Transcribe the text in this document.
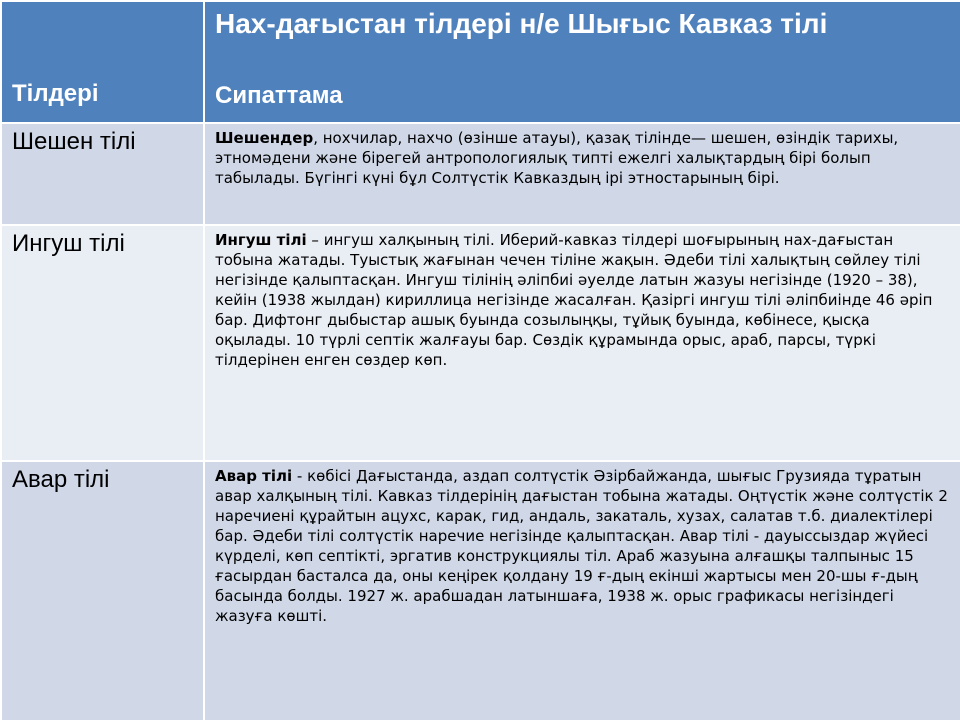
Тілдері	Нах-дағыстан тілдері н/е Шығыс Кавказ тілі
Сипаттама

Шешен тілі	Шешендер, нохчилар, нахчо (өзінше атауы), қазақ тілінде— шешен, өзіндік тарихы, этномәдени және бірегей антропологиялық типті ежелгі халықтардың бірі болып табылады. Бүгінгі күні бұл Солтүстік Кавказдың ірі этностарының бірі.

Ингуш тілі	Ингуш тілі – ингуш халқының тілі. Иберий-кавказ тілдері шоғырының нах-дағыстан тобына жатады. Туыстық жағынан чечен тіліне жақын. Әдеби тілі халықтың сөйлеу тілі негізінде қалыптасқан. Ингуш тілінің әліпбиі әуелде латын жазуы негізінде (1920 – 38), кейін (1938 жылдан) кириллица негізінде жасалған. Қазіргі ингуш тілі әліпбиінде 46 әріп бар. Дифтонг дыбыстар ашық буында созылыңқы, тұйық буында, көбінесе, қысқа оқылады. 10 түрлі септік жалғауы бар. Сөздік құрамында орыс, араб, парсы, түркі тілдерінен енген сөздер көп.

Авар тілі	Авар тілі - көбісі Дағыстанда, аздап солтүстік Әзірбайжанда, шығыс Грузияда тұратын авар халқының тілі. Кавказ тілдерінің дағыстан тобына жатады. Оңтүстік және солтүстік 2 наречиені құрайтын ацухс, карак, гид, андаль, закаталь, хузах, салатав т.б. диалектілері бар. Әдеби тілі солтүстік наречие негізінде қалыптасқан. Авар тілі - дауыссыздар жүйесі күрделі, көп септікті, эргатив конструкциялы тіл. Араб жазуына алғашқы талпыныс 15 ғасырдан басталса да, оны кеңірек қолдану 19 ғ-дың екінші жартысы мен 20-шы ғ-дың басында болды. 1927 ж. арабшадан латыншаға, 1938 ж. орыс графикасы негізіндегі жазуға көшті.
